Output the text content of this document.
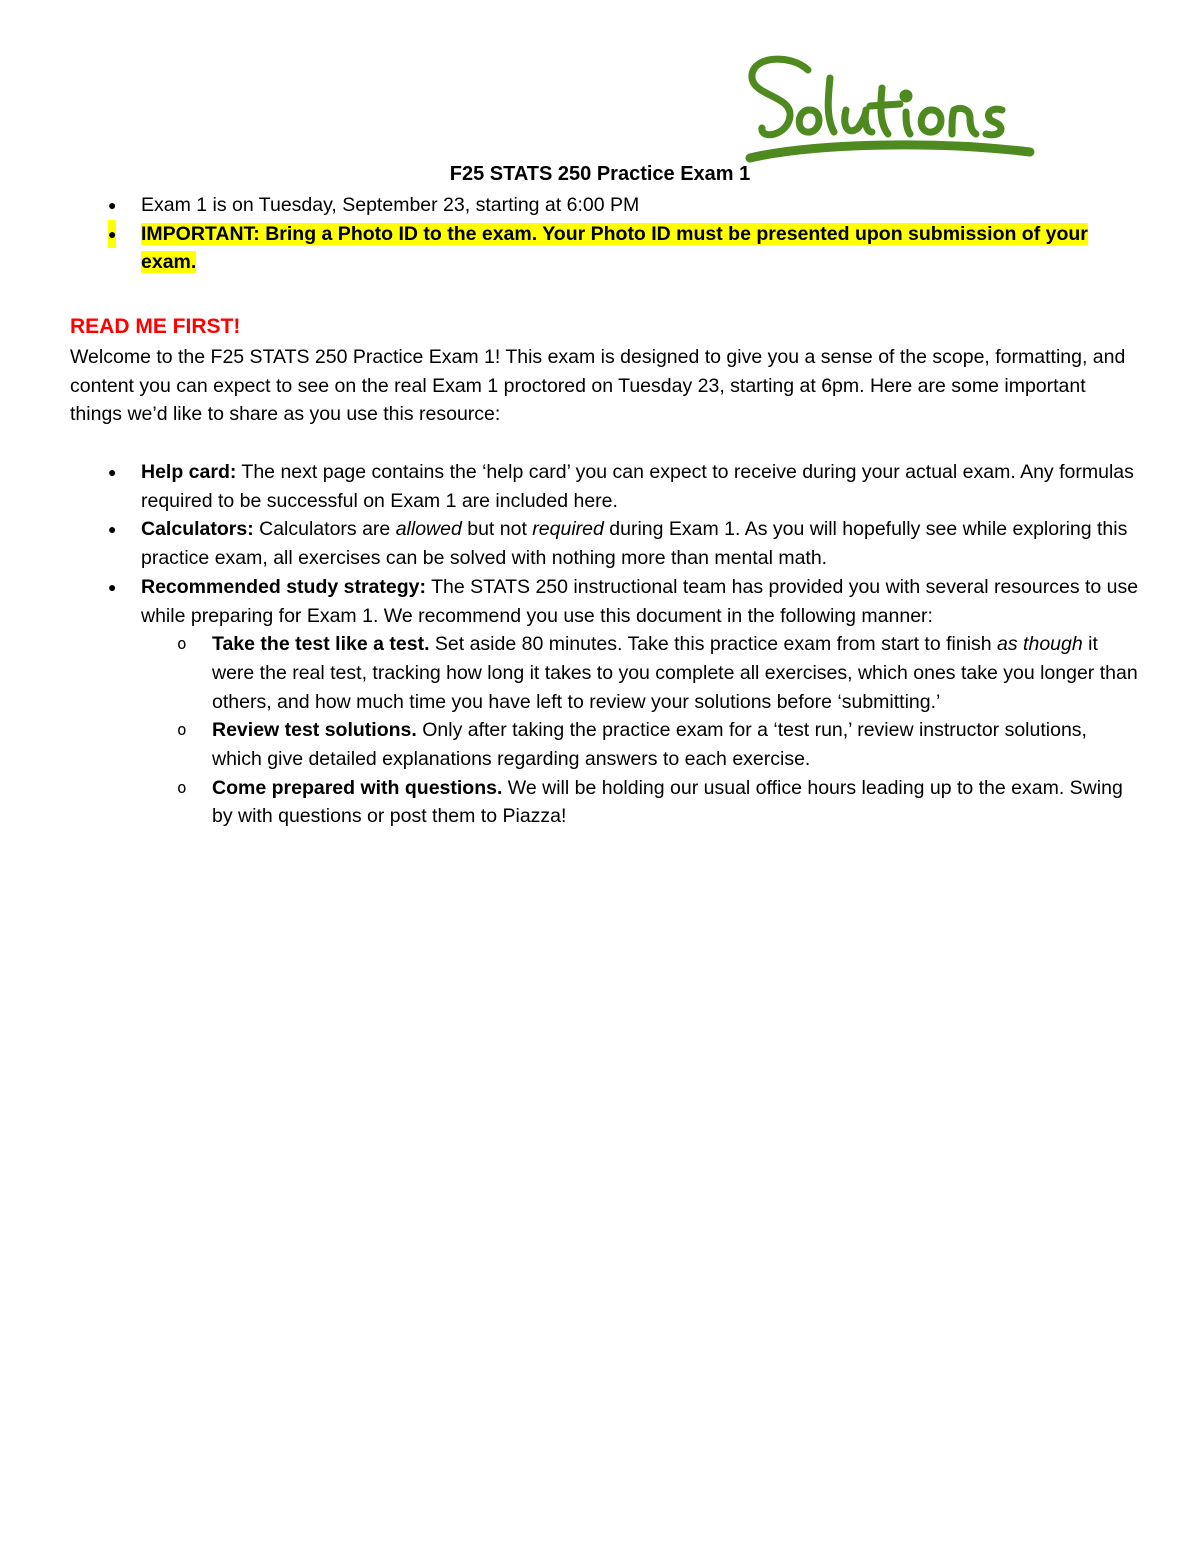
F25 STATS 250 Practice Exam 1
● Exam 1 is on Tuesday, September 23, starting at 6:00 PM
● IMPORTANT: Bring a Photo ID to the exam. Your Photo ID must be presented upon submission of your exam.
READ ME FIRST!

Welcome to the F25 STATS 250 Practice Exam 1! This exam is designed to give you a sense of the scope, formatting, and content you can expect to see on the real Exam 1 proctored on Tuesday 23, starting at 6pm. Here are some important things we’d like to share as you use this resource:

● Help card: The next page contains the ‘help card’ you can expect to receive during your actual exam. Any formulas required to be successful on Exam 1 are included here.
● Calculators: Calculators are allowed but not required during Exam 1. As you will hopefully see while exploring this practice exam, all exercises can be solved with nothing more than mental math.
● Recommended study strategy: The STATS 250 instructional team has provided you with several resources to use while preparing for Exam 1. We recommend you use this document in the following manner:
o Take the test like a test. Set aside 80 minutes. Take this practice exam from start to finish as though it were the real test, tracking how long it takes to you complete all exercises, which ones take you longer than others, and how much time you have left to review your solutions before ‘submitting.’
o Review test solutions. Only after taking the practice exam for a ‘test run,’ review instructor solutions, which give detailed explanations regarding answers to each exercise.
o Come prepared with questions. We will be holding our usual office hours leading up to the exam. Swing by with questions or post them to Piazza!
